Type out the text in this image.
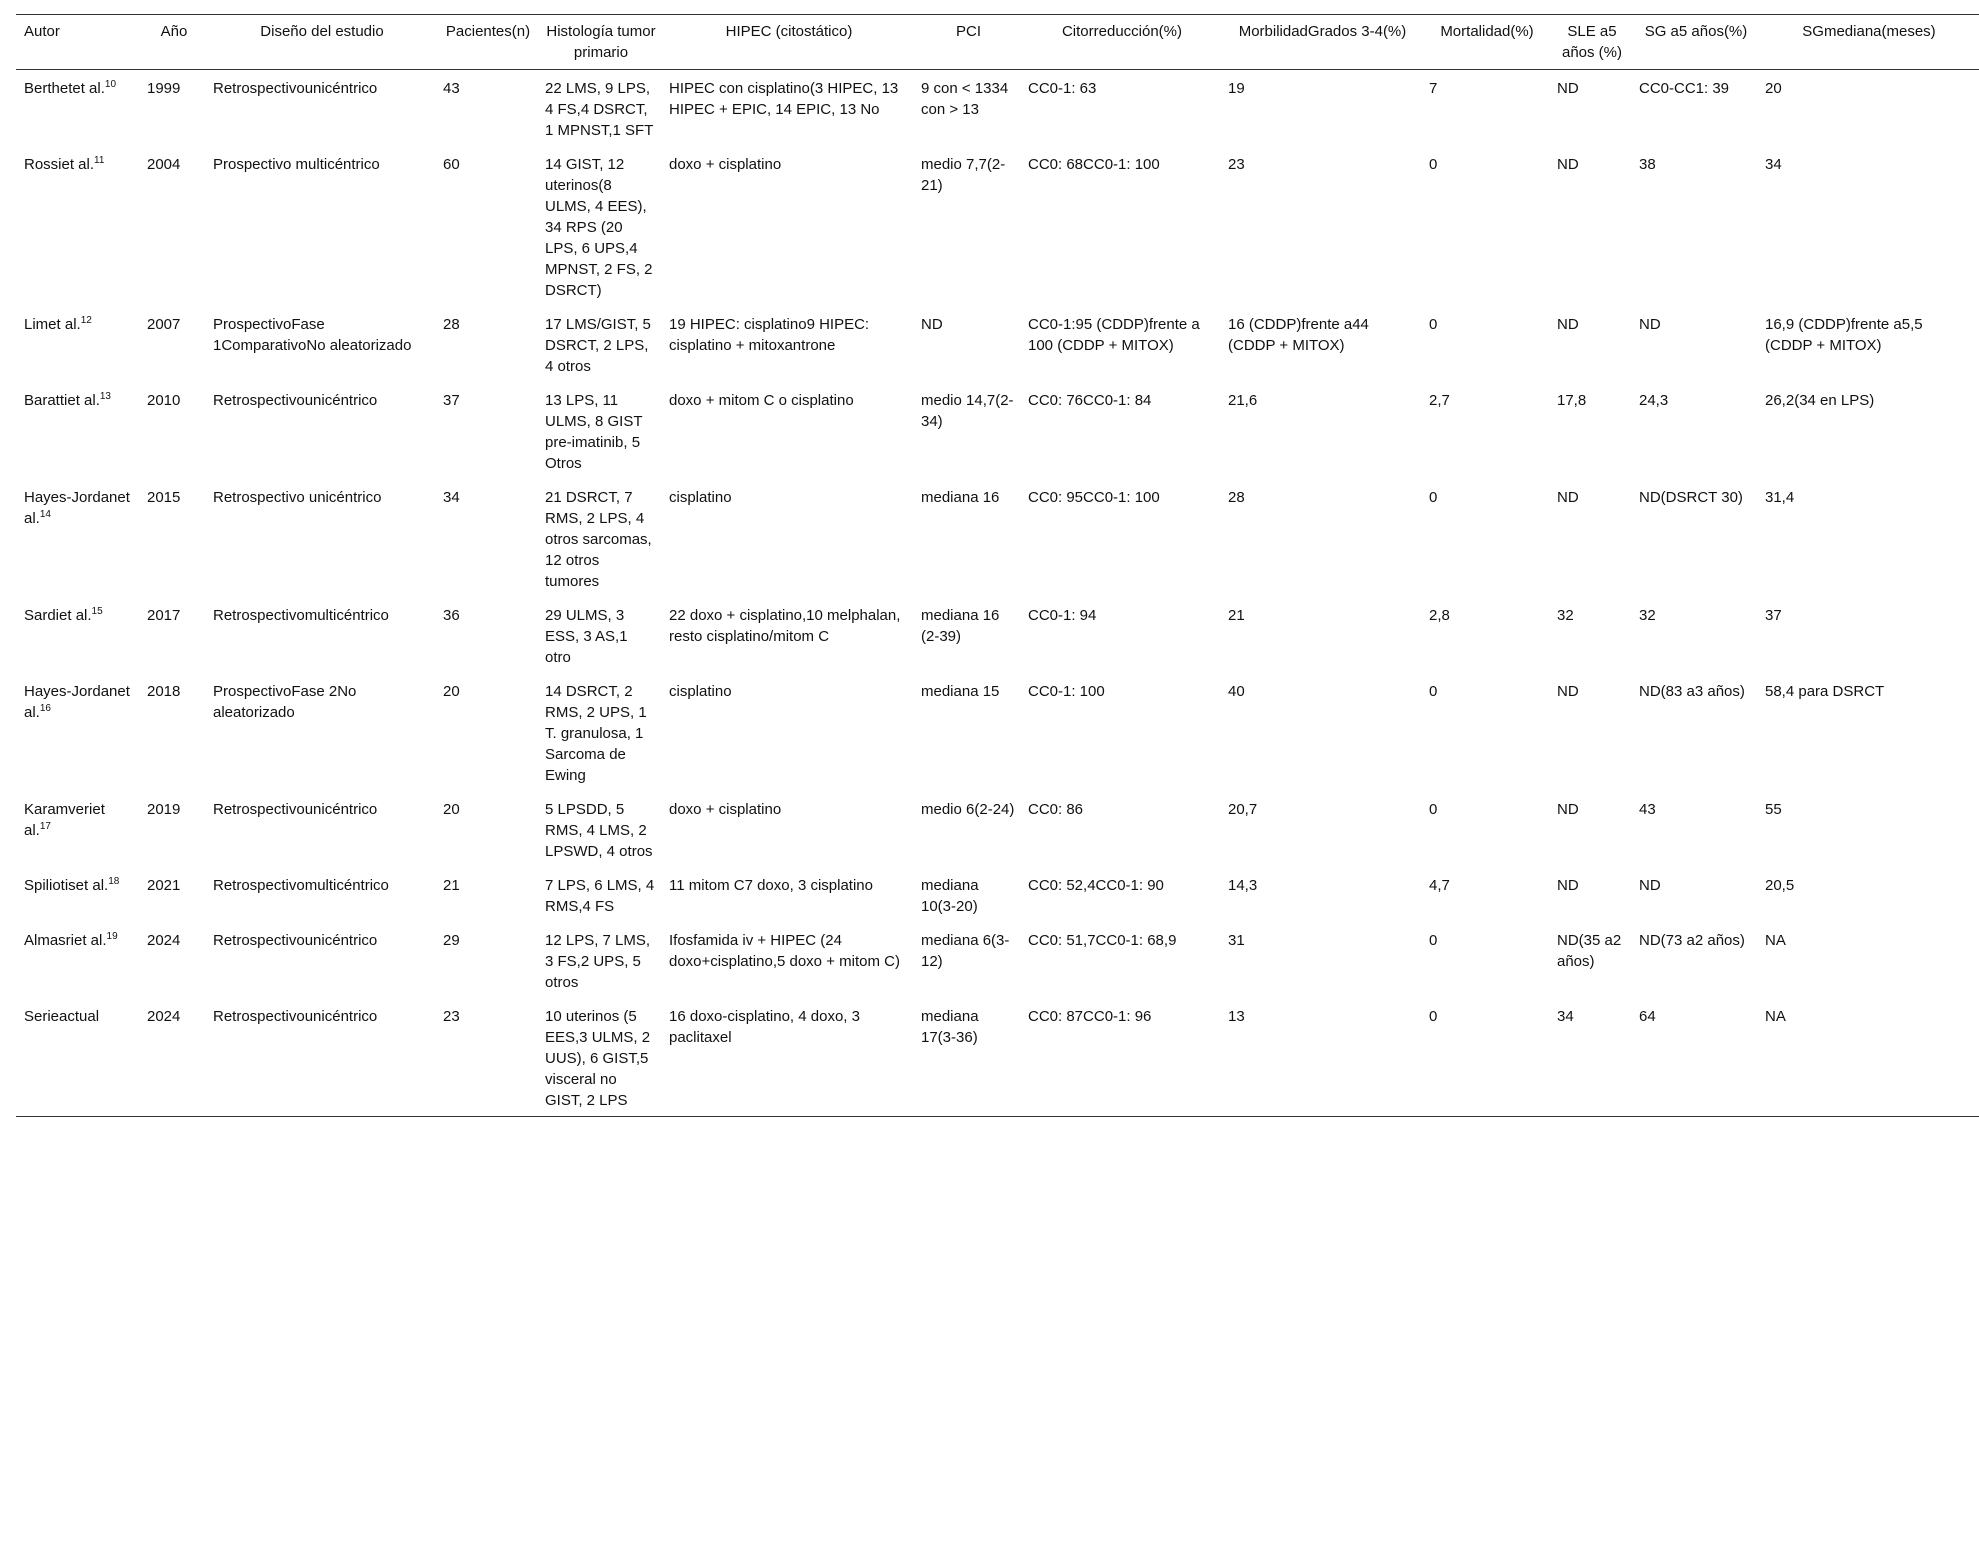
Autor	Año	Diseño del estudio	Pacientes(n)	Histología tumor primario	HIPEC (citostático)	PCI	Citorreducción(%)	MorbilidadGrados 3-4(%)	Mortalidad(%)	SLE a5 años (%)	SG a5 años(%)	SGmediana(meses)
Berthetet al.$^{10}$	1999	Retrospectivounicéntrico	43	22 LMS, 9 LPS, 4 FS,4 DSRCT, 1 MPNST,1 SFT	HIPEC con cisplatino(3 HIPEC, 13 HIPEC + EPIC, 14 EPIC, 13 No	9 con < 1334 con > 13	CC0-1: 63	19	7	ND	CC0-CC1: 39	20
Rossiet al.$^{11}$	2004	Prospectivo multicéntrico	60	14 GIST, 12 uterinos(8 ULMS, 4 EES), 34 RPS (20 LPS, 6 UPS,4 MPNST, 2 FS, 2 DSRCT)	doxo + cisplatino	medio 7,7(2-21)	CC0: 68CC0-1: 100	23	0	ND	38	34
Limet al.$^{12}$	2007	ProspectivoFase 1ComparativoNo aleatorizado	28	17 LMS/GIST, 5 DSRCT, 2 LPS, 4 otros	19 HIPEC: cisplatino9 HIPEC: cisplatino + mitoxantrone	ND	CC0-1:95 (CDDP)frente a 100 (CDDP + MITOX)	16 (CDDP)frente a44 (CDDP + MITOX)	0	ND	ND	16,9 (CDDP)frente a5,5 (CDDP + MITOX)
Barattiet al.$^{13}$	2010	Retrospectivounicéntrico	37	13 LPS, 11 ULMS, 8 GIST pre-imatinib, 5 Otros	doxo + mitom C o cisplatino	medio 14,7(2-34)	CC0: 76CC0-1: 84	21,6	2,7	17,8	24,3	26,2(34 en LPS)
Hayes-Jordanet al.$^{14}$	2015	Retrospectivo unicéntrico	34	21 DSRCT, 7 RMS, 2 LPS, 4 otros sarcomas, 12 otros tumores	cisplatino	mediana 16	CC0: 95CC0-1: 100	28	0	ND	ND(DSRCT 30)	31,4
Sardiet al.$^{15}$	2017	Retrospectivomulticéntrico	36	29 ULMS, 3 ESS, 3 AS,1 otro	22 doxo + cisplatino,10 melphalan, resto cisplatino/mitom C	mediana 16 (2-39)	CC0-1: 94	21	2,8	32	32	37
Hayes-Jordanet al.$^{16}$	2018	ProspectivoFase 2No aleatorizado	20	14 DSRCT, 2 RMS, 2 UPS, 1 T. granulosa, 1 Sarcoma de Ewing	cisplatino	mediana 15	CC0-1: 100	40	0	ND	ND(83 a3 años)	58,4 para DSRCT
Karamveriet al.$^{17}$	2019	Retrospectivounicéntrico	20	5 LPSDD, 5 RMS, 4 LMS, 2 LPSWD, 4 otros	doxo + cisplatino	medio 6(2-24)	CC0: 86	20,7	0	ND	43	55
Spiliotiset al.$^{18}$	2021	Retrospectivomulticéntrico	21	7 LPS, 6 LMS, 4 RMS,4 FS	11 mitom C7 doxo, 3 cisplatino	mediana 10(3-20)	CC0: 52,4CC0-1: 90	14,3	4,7	ND	ND	20,5
Almasriet al.$^{19}$	2024	Retrospectivounicéntrico	29	12 LPS, 7 LMS, 3 FS,2 UPS, 5 otros	Ifosfamida iv + HIPEC (24 doxo+cisplatino,5 doxo + mitom C)	mediana 6(3-12)	CC0: 51,7CC0-1: 68,9	31	0	ND(35 a2 años)	ND(73 a2 años)	NA
Serieactual	2024	Retrospectivounicéntrico	23	10 uterinos (5 EES,3 ULMS, 2 UUS), 6 GIST,5 visceral no GIST, 2 LPS	16 doxo-cisplatino, 4 doxo, 3 paclitaxel	mediana 17(3-36)	CC0: 87CC0-1: 96	13	0	34	64	NA
